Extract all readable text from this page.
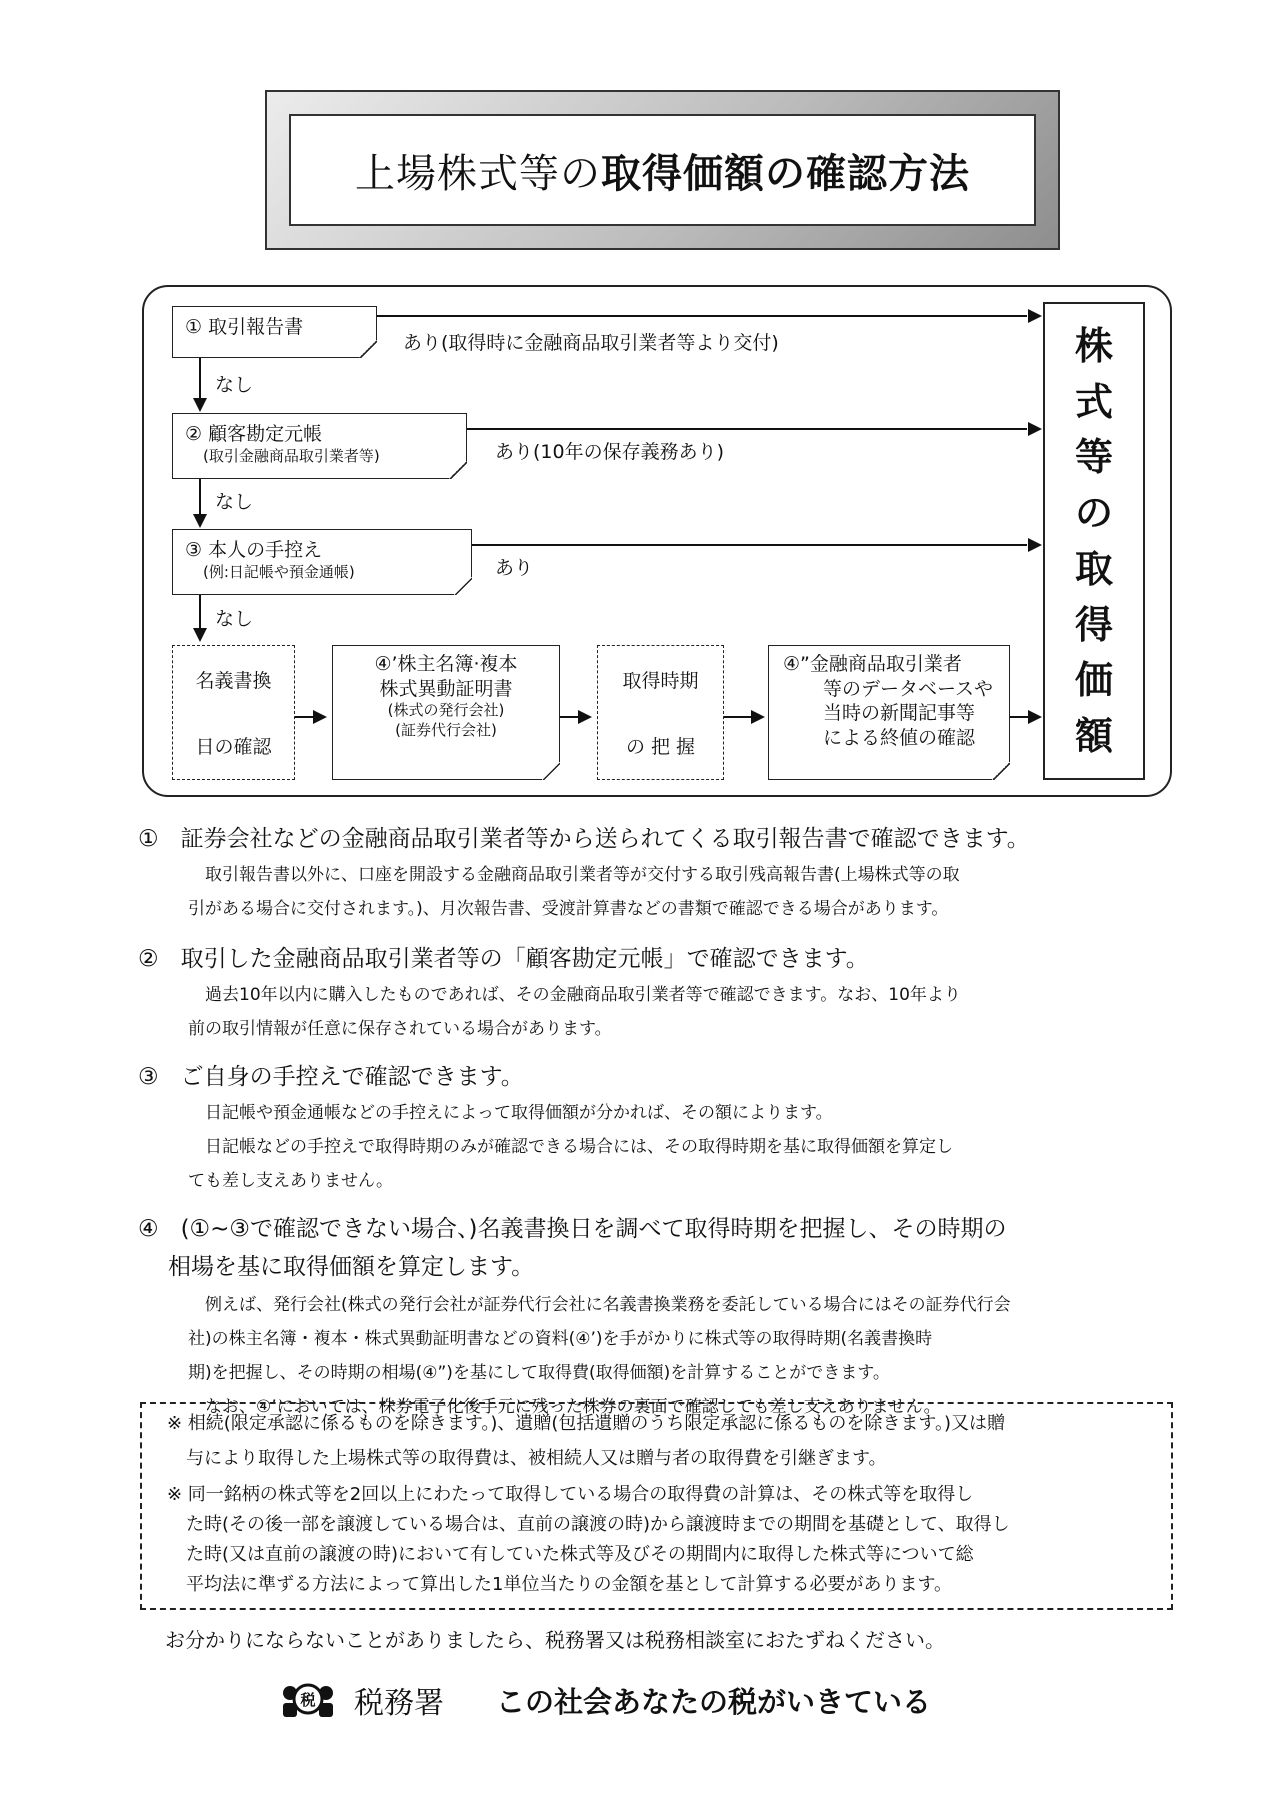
上場株式等の取得価額の確認方法
① 取引報告書
② 顧客勘定元帳
(取引金融商品取引業者等)
③ 本人の手控え
(例:日記帳や預金通帳)
あり(取得時に金融商品取引業者等より交付)
あり(10年の保存義務あり)
あり
なし
なし
なし
名義書換
日の確認
④’株主名簿·複本
株式異動証明書
(株式の発行会社)
(証券代行会社)
取得時期
の 把 握
④”金融商品取引業者
等のデータベースや
当時の新聞記事等
による終値の確認
株
式
等
の
取
得
価
額
① 証券会社などの金融商品取引業者等から送られてくる取引報告書で確認できます。
取引報告書以外に、口座を開設する金融商品取引業者等が交付する取引残高報告書(上場株式等の取
引がある場合に交付されます。)、月次報告書、受渡計算書などの書類で確認できる場合があります。
② 取引した金融商品取引業者等の「顧客勘定元帳」で確認できます。
過去10年以内に購入したものであれば、その金融商品取引業者等で確認できます。なお、10年より
前の取引情報が任意に保存されている場合があります。
③ ご自身の手控えで確認できます。
日記帳や預金通帳などの手控えによって取得価額が分かれば、その額によります。
日記帳などの手控えで取得時期のみが確認できる場合には、その取得時期を基に取得価額を算定し
ても差し支えありません。
④ (①~③で確認できない場合、)名義書換日を調べて取得時期を把握し、その時期の
相場を基に取得価額を算定します。
例えば、発行会社(株式の発行会社が証券代行会社に名義書換業務を委託している場合にはその証券代行会
社)の株主名簿・複本・株式異動証明書などの資料(④’)を手がかりに株式等の取得時期(名義書換時
期)を把握し、その時期の相場(④”)を基にして取得費(取得価額)を計算することができます。
なお、④’においては、株券電子化後手元に残った株券の裏面で確認しても差し支えありません。
※ 相続(限定承認に係るものを除きます。)、遺贈(包括遺贈のうち限定承認に係るものを除きます。)又は贈
与により取得した上場株式等の取得費は、被相続人又は贈与者の取得費を引継ぎます。
※ 同一銘柄の株式等を2回以上にわたって取得している場合の取得費の計算は、その株式等を取得し
た時(その後一部を譲渡している場合は、直前の譲渡の時)から譲渡時までの期間を基礎として、取得し
た時(又は直前の譲渡の時)において有していた株式等及びその期間内に取得した株式等について総
平均法に準ずる方法によって算出した1単位当たりの金額を基として計算する必要があります。
お分かりにならないことがありましたら、税務署又は税務相談室におたずねください。
税 税務署 この社会あなたの税がいきている
